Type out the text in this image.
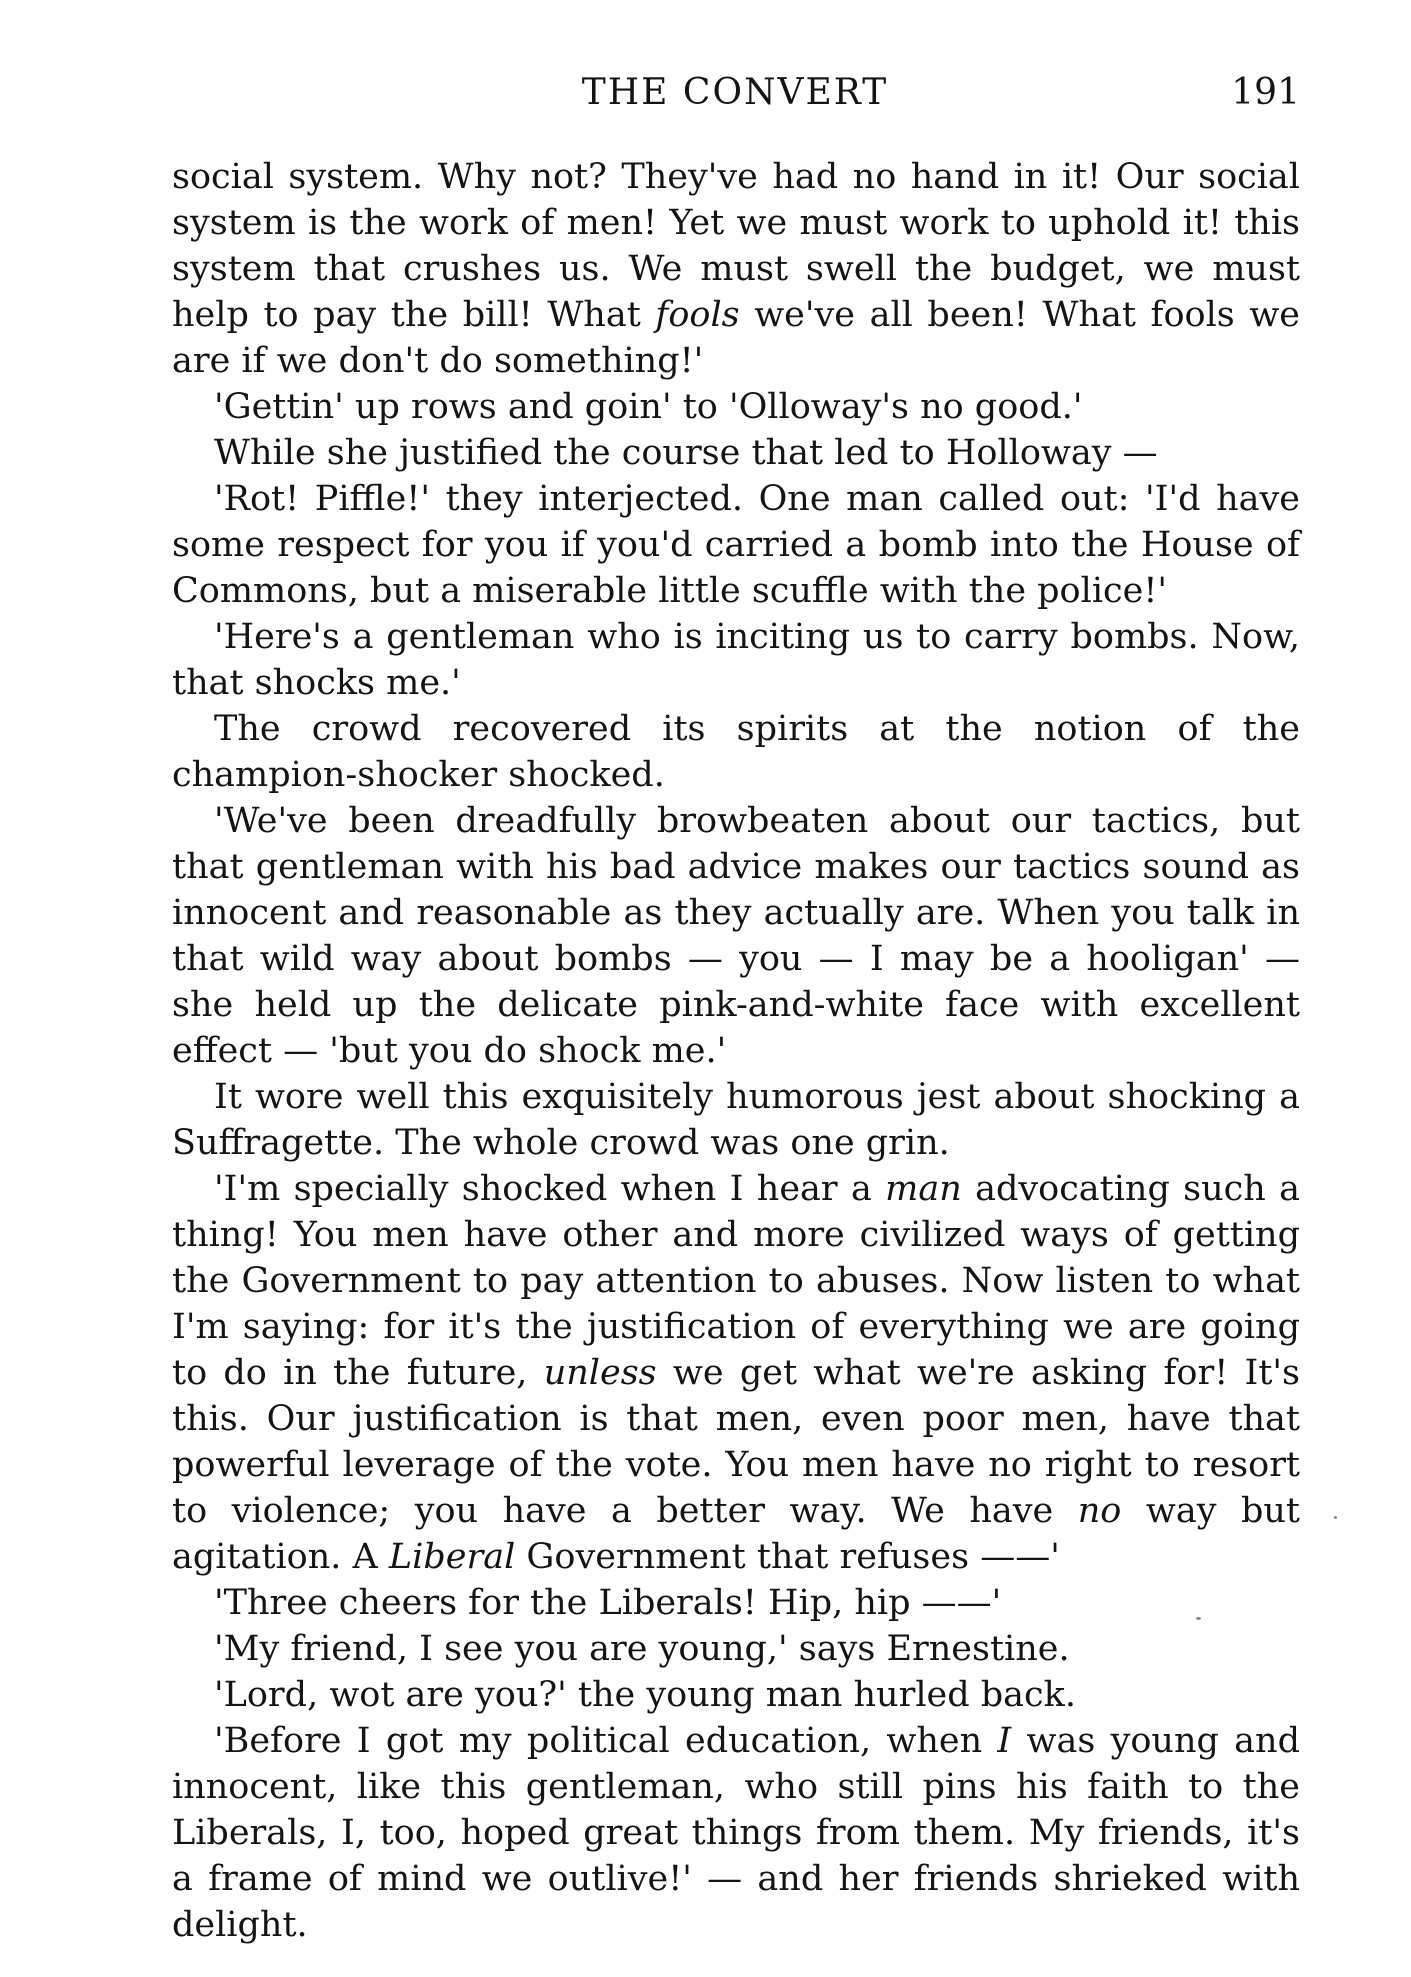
THE CONVERT	191

social system. Why not? They've had no hand in it! Our social system is the work of men! Yet we must work to uphold it! this system that crushes us. We must swell the budget, we must help to pay the bill! What fools we've all been! What fools we are if we don't do something!'

'Gettin' up rows and goin' to 'Olloway's no good.'

While she justified the course that led to Holloway —

'Rot! Piffle!' they interjected. One man called out: 'I'd have some respect for you if you'd carried a bomb into the House of Commons, but a miserable little scuffle with the police!'

'Here's a gentleman who is inciting us to carry bombs. Now, that shocks me.'

The crowd recovered its spirits at the notion of the champion-shocker shocked.

'We've been dreadfully browbeaten about our tactics, but that gentleman with his bad advice makes our tactics sound as innocent and reasonable as they actually are. When you talk in that wild way about bombs — you — I may be a hooligan' — she held up the delicate pink-and-white face with excellent effect — 'but you do shock me.'

It wore well this exquisitely humorous jest about shocking a Suffragette. The whole crowd was one grin.

'I'm specially shocked when I hear a man advocating such a thing! You men have other and more civilized ways of getting the Government to pay attention to abuses. Now listen to what I'm saying: for it's the justification of everything we are going to do in the future, unless we get what we're asking for! It's this. Our justification is that men, even poor men, have that powerful leverage of the vote. You men have no right to resort to violence; you have a better way. We have no way but agitation. A Liberal Government that refuses ——'

'Three cheers for the Liberals! Hip, hip ——'

'My friend, I see you are young,' says Ernestine.

'Lord, wot are you?' the young man hurled back.

'Before I got my political education, when I was young and innocent, like this gentleman, who still pins his faith to the Liberals, I, too, hoped great things from them. My friends, it's a frame of mind we outlive!' — and her friends shrieked with delight.
